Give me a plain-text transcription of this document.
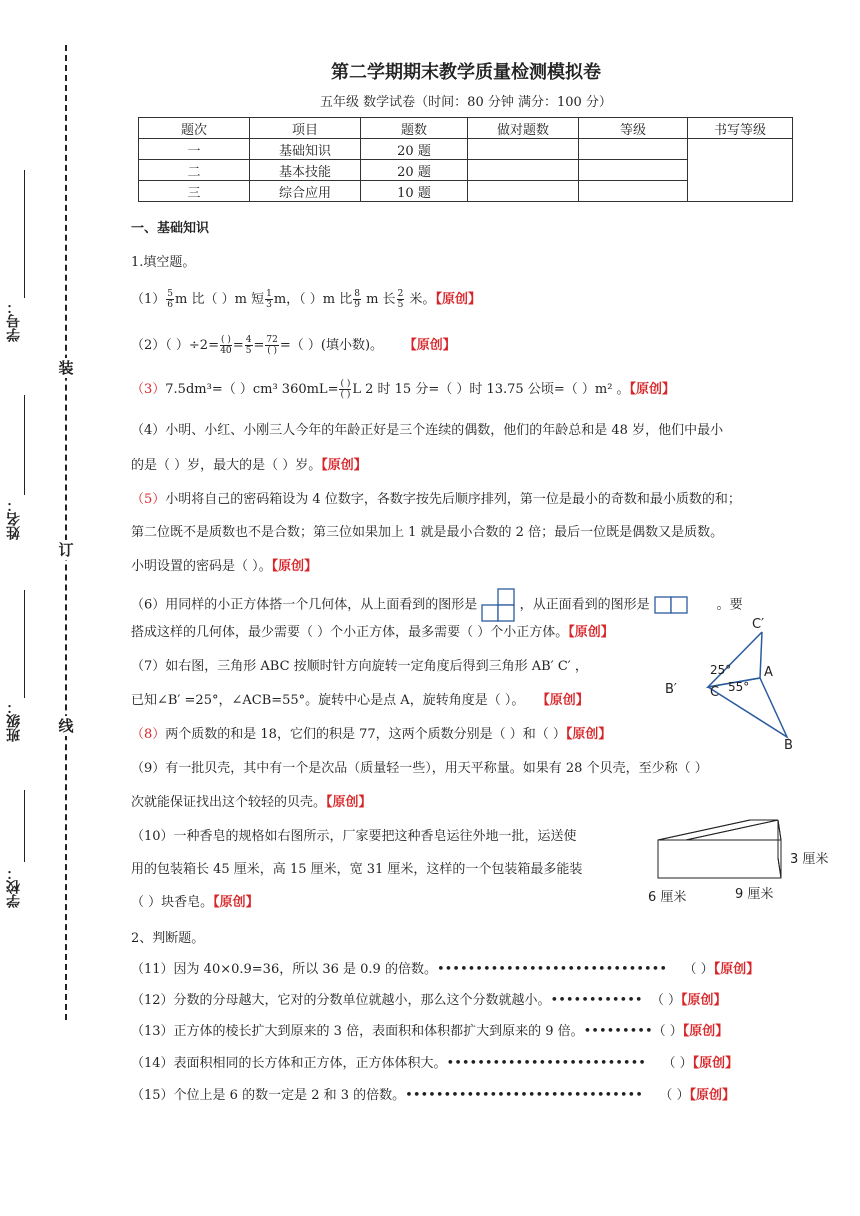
装
订
线
学号：
姓名：
班级：
学校：
第二学期期末教学质量检测模拟卷
五年级 数学试卷（时间：80 分钟 满分：100 分）
题次	项目	题数	做对题数	等级	书写等级
一	基础知识	20 题			
二	基本技能	20 题			
三	综合应用	10 题			
一、基础知识
1.填空题。
$(1) \frac{5}{6}$ m 比（ ）m 短 $\frac{1}{3}$ m，（ ）m 比 $\frac{8}{9}$ m 长 $\frac{2}{5}$ 米。【原创】
（2）（ ）$\div 2= \frac{( )}{40} = \frac{4}{5} = \frac{72}{( )}$ =（ ）(填小数)。 【原创】
（3）7.5dm³=（ ）cm³ $360mL= \frac{( )}{( )}$ L 2 时 15 分=（ ）时 13.75 公顷=（ ）m² 。【原创】
（4）小明、小红、小刚三人今年的年龄正好是三个连续的偶数，他们的年龄总和是 48 岁，他们中最小
的是（ ）岁，最大的是（ ）岁。【原创】
（5）小明将自己的密码箱设为 4 位数字，各数字按先后顺序排列，第一位是最小的奇数和最小质数的和；
第二位既不是质数也不是合数；第三位如果加上 1 就是最小合数的 2 倍；最后一位既是偶数又是质数。
小明设置的密码是（ ）。【原创】
（6）用同样的小正方体搭一个几何体，从上面看到的图形是	，从正面看到的图形是	。要
搭成这样的几何体，最少需要（ ）个小正方体，最多需要（ ）个小正方体。【原创】
（7）如右图，三角形 ABC 按顺时针方向旋转一定角度后得到三角形 AB′ C′ ，
已知∠B′ =25°，∠ACB=55°。旋转中心是点 A，旋转角度是（ ）。 【原创】
C′
A
B′	C
B
25°
55°
（8）两个质数的和是 18，它们的积是 77，这两个质数分别是（ ）和（ ）【原创】
（9）有一批贝壳，其中有一个是次品（质量轻一些），用天平称量。如果有 28 个贝壳，至少称（ ）
次就能保证找出这个较轻的贝壳。【原创】
（10）一种香皂的规格如右图所示，厂家要把这种香皂运往外地一批，运送使
用的包装箱长 45 厘米，高 15 厘米，宽 31 厘米，这样的一个包装箱最多能装
（ ）块香皂。【原创】
3 厘米
6 厘米	9 厘米
2、判断题。
（11）因为 40×0.9=36，所以 36 是 0.9 的倍数。•••••••••••••••••••••••••••••• （ ）【原创】
（12）分数的分母越大，它对的分数单位就越小，那么这个分数就越小。•••••••••••• （ ）【原创】
（13）正方体的棱长扩大到原来的 3 倍，表面积和体积都扩大到原来的 9 倍。•••••••••（ ）【原创】
（14）表面积相同的长方体和正方体，正方体体积大。•••••••••••••••••••••••••• （ ）【原创】
（15）个位上是 6 的数一定是 2 和 3 的倍数。••••••••••••••••••••••••••••••• （ ）【原创】
